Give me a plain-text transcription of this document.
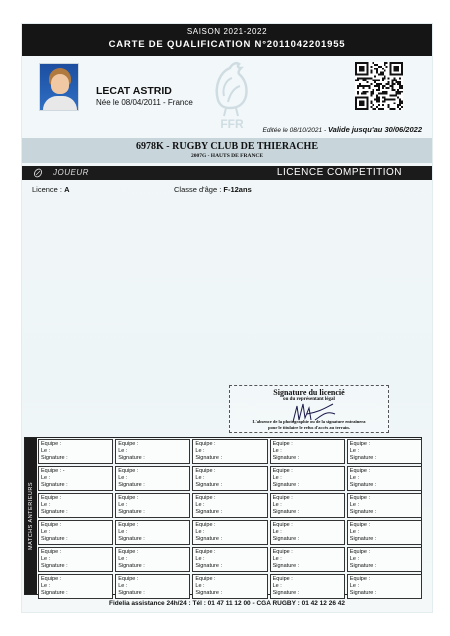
SAISON 2021-2022
CARTE DE QUALIFICATION N°2011042201955
LECAT ASTRID
Née le 08/04/2011 - France
FFR	Editée le 08/10/2021 - Valide jusqu'au 30/06/2022
6978K - RUGBY CLUB DE THIERACHE
2007G - HAUTS DE FRANCE
JOUEUR	LICENCE COMPETITION
Licence : A	Classe d'âge : F-12ans
Signature du licencié
ou du représentant légal
L'absence de la photographie ou de la signature entraînera
pour le titulaire le refus d'accès au terrain.
MATCHS ANTERIEURS
Equipe :
Le :
Signature :
Equipe :
Le :
Signature :
Equipe :
Le :
Signature :
Equipe :
Le :
Signature :
Equipe :
Le :
Signature :
Equipe : -
Le :
Signature :
Equipe :
Le :
Signature :
Equipe :
Le :
Signature :
Equipe :
Le :
Signature :
Equipe :
Le :
Signature :
Equipe :
Le :
Signature :
Equipe :
Le :
Signature :
Equipe :
Le :
Signature :
Equipe :
Le :
Signature :
Equipe :
Le :
Signature :
Equipe :
Le :
Signature :
Equipe :
Le :
Signature :
Equipe :
Le :
Signature :
Equipe :
Le :
Signature :
Equipe :
Le :
Signature :
Equipe :
Le :
Signature :
Equipe :
Le :
Signature :
Equipe :
Le :
Signature :
Equipe :
Le :
Signature :
Equipe :
Le :
Signature :
Equipe :
Le :
Signature :
Equipe :
Le :
Signature :
Equipe :
Le :
Signature :
Equipe :
Le :
Signature :
Equipe :
Le :
Signature :
Fidelia assistance 24h/24 : Tél : 01 47 11 12 00 - CGA RUGBY : 01 42 12 26 42
